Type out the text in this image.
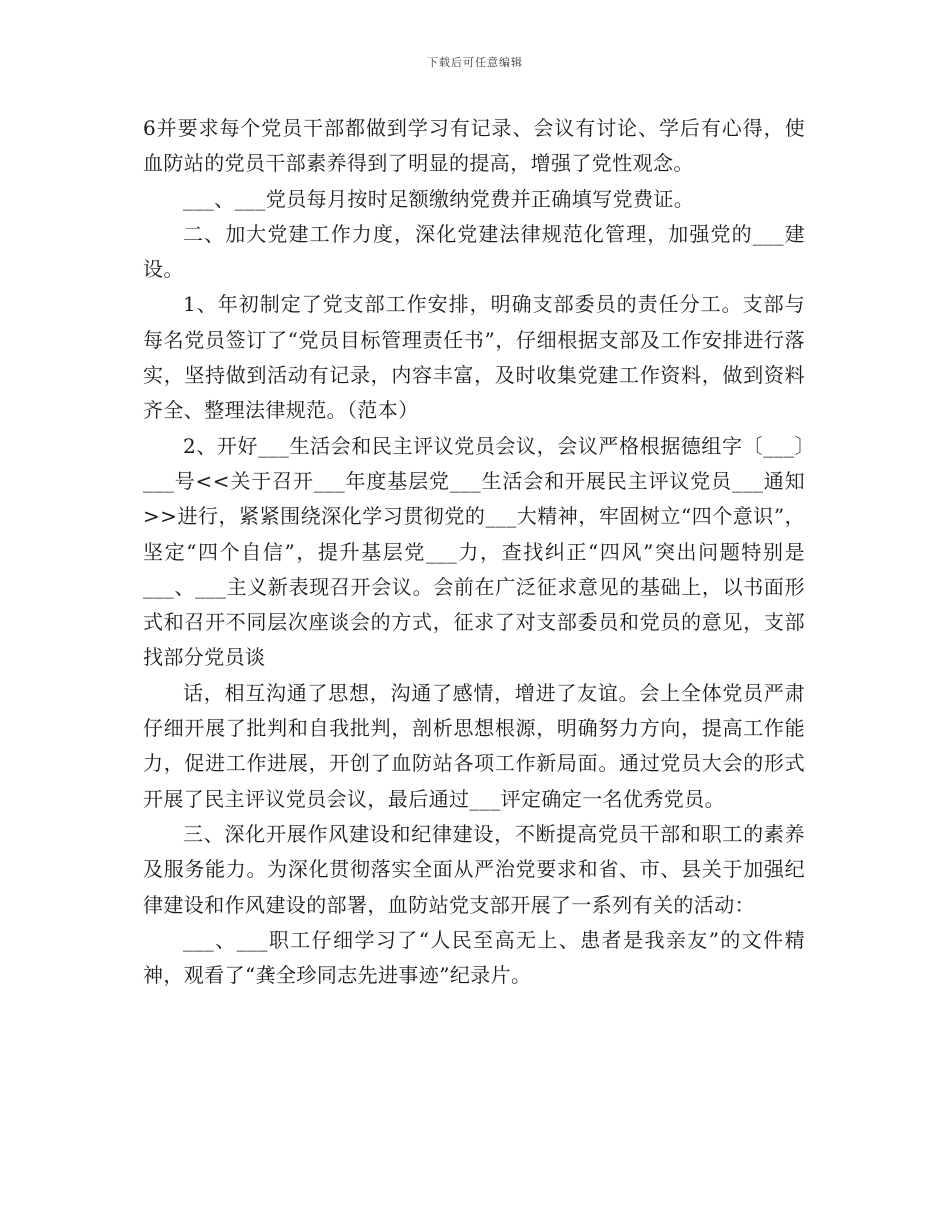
下载后可任意编辑

6并要求每个党员干部都做到学习有记录、会议有讨论、学后有心得，使血防站的党员干部素养得到了明显的提高，增强了党性观念。

___、___党员每月按时足额缴纳党费并正确填写党费证。

二、加大党建工作力度，深化党建法律规范化管理，加强党的___建设。

1、年初制定了党支部工作安排，明确支部委员的责任分工。支部与每名党员签订了“党员目标管理责任书”，仔细根据支部及工作安排进行落实，坚持做到活动有记录，内容丰富，及时收集党建工作资料，做到资料齐全、整理法律规范。（范本）

2、开好___生活会和民主评议党员会议，会议严格根据德组字〔___〕___号<<关于召开___年度基层党___生活会和开展民主评议党员___通知>>进行，紧紧围绕深化学习贯彻党的___大精神，牢固树立“四个意识”，坚定“四个自信”，提升基层党___力，查找纠正“四风”突出问题特别是___、___主义新表现召开会议。会前在广泛征求意见的基础上，以书面形式和召开不同层次座谈会的方式，征求了对支部委员和党员的意见，支部找部分党员谈

话，相互沟通了思想，沟通了感情，增进了友谊。会上全体党员严肃仔细开展了批判和自我批判，剖析思想根源，明确努力方向，提高工作能力，促进工作进展，开创了血防站各项工作新局面。通过党员大会的形式开展了民主评议党员会议，最后通过___评定确定一名优秀党员。

三、深化开展作风建设和纪律建设，不断提高党员干部和职工的素养及服务能力。为深化贯彻落实全面从严治党要求和省、市、县关于加强纪律建设和作风建设的部署，血防站党支部开展了一系列有关的活动：

___、___职工仔细学习了“人民至高无上、患者是我亲友”的文件精神，观看了“龚全珍同志先进事迹”纪录片。
